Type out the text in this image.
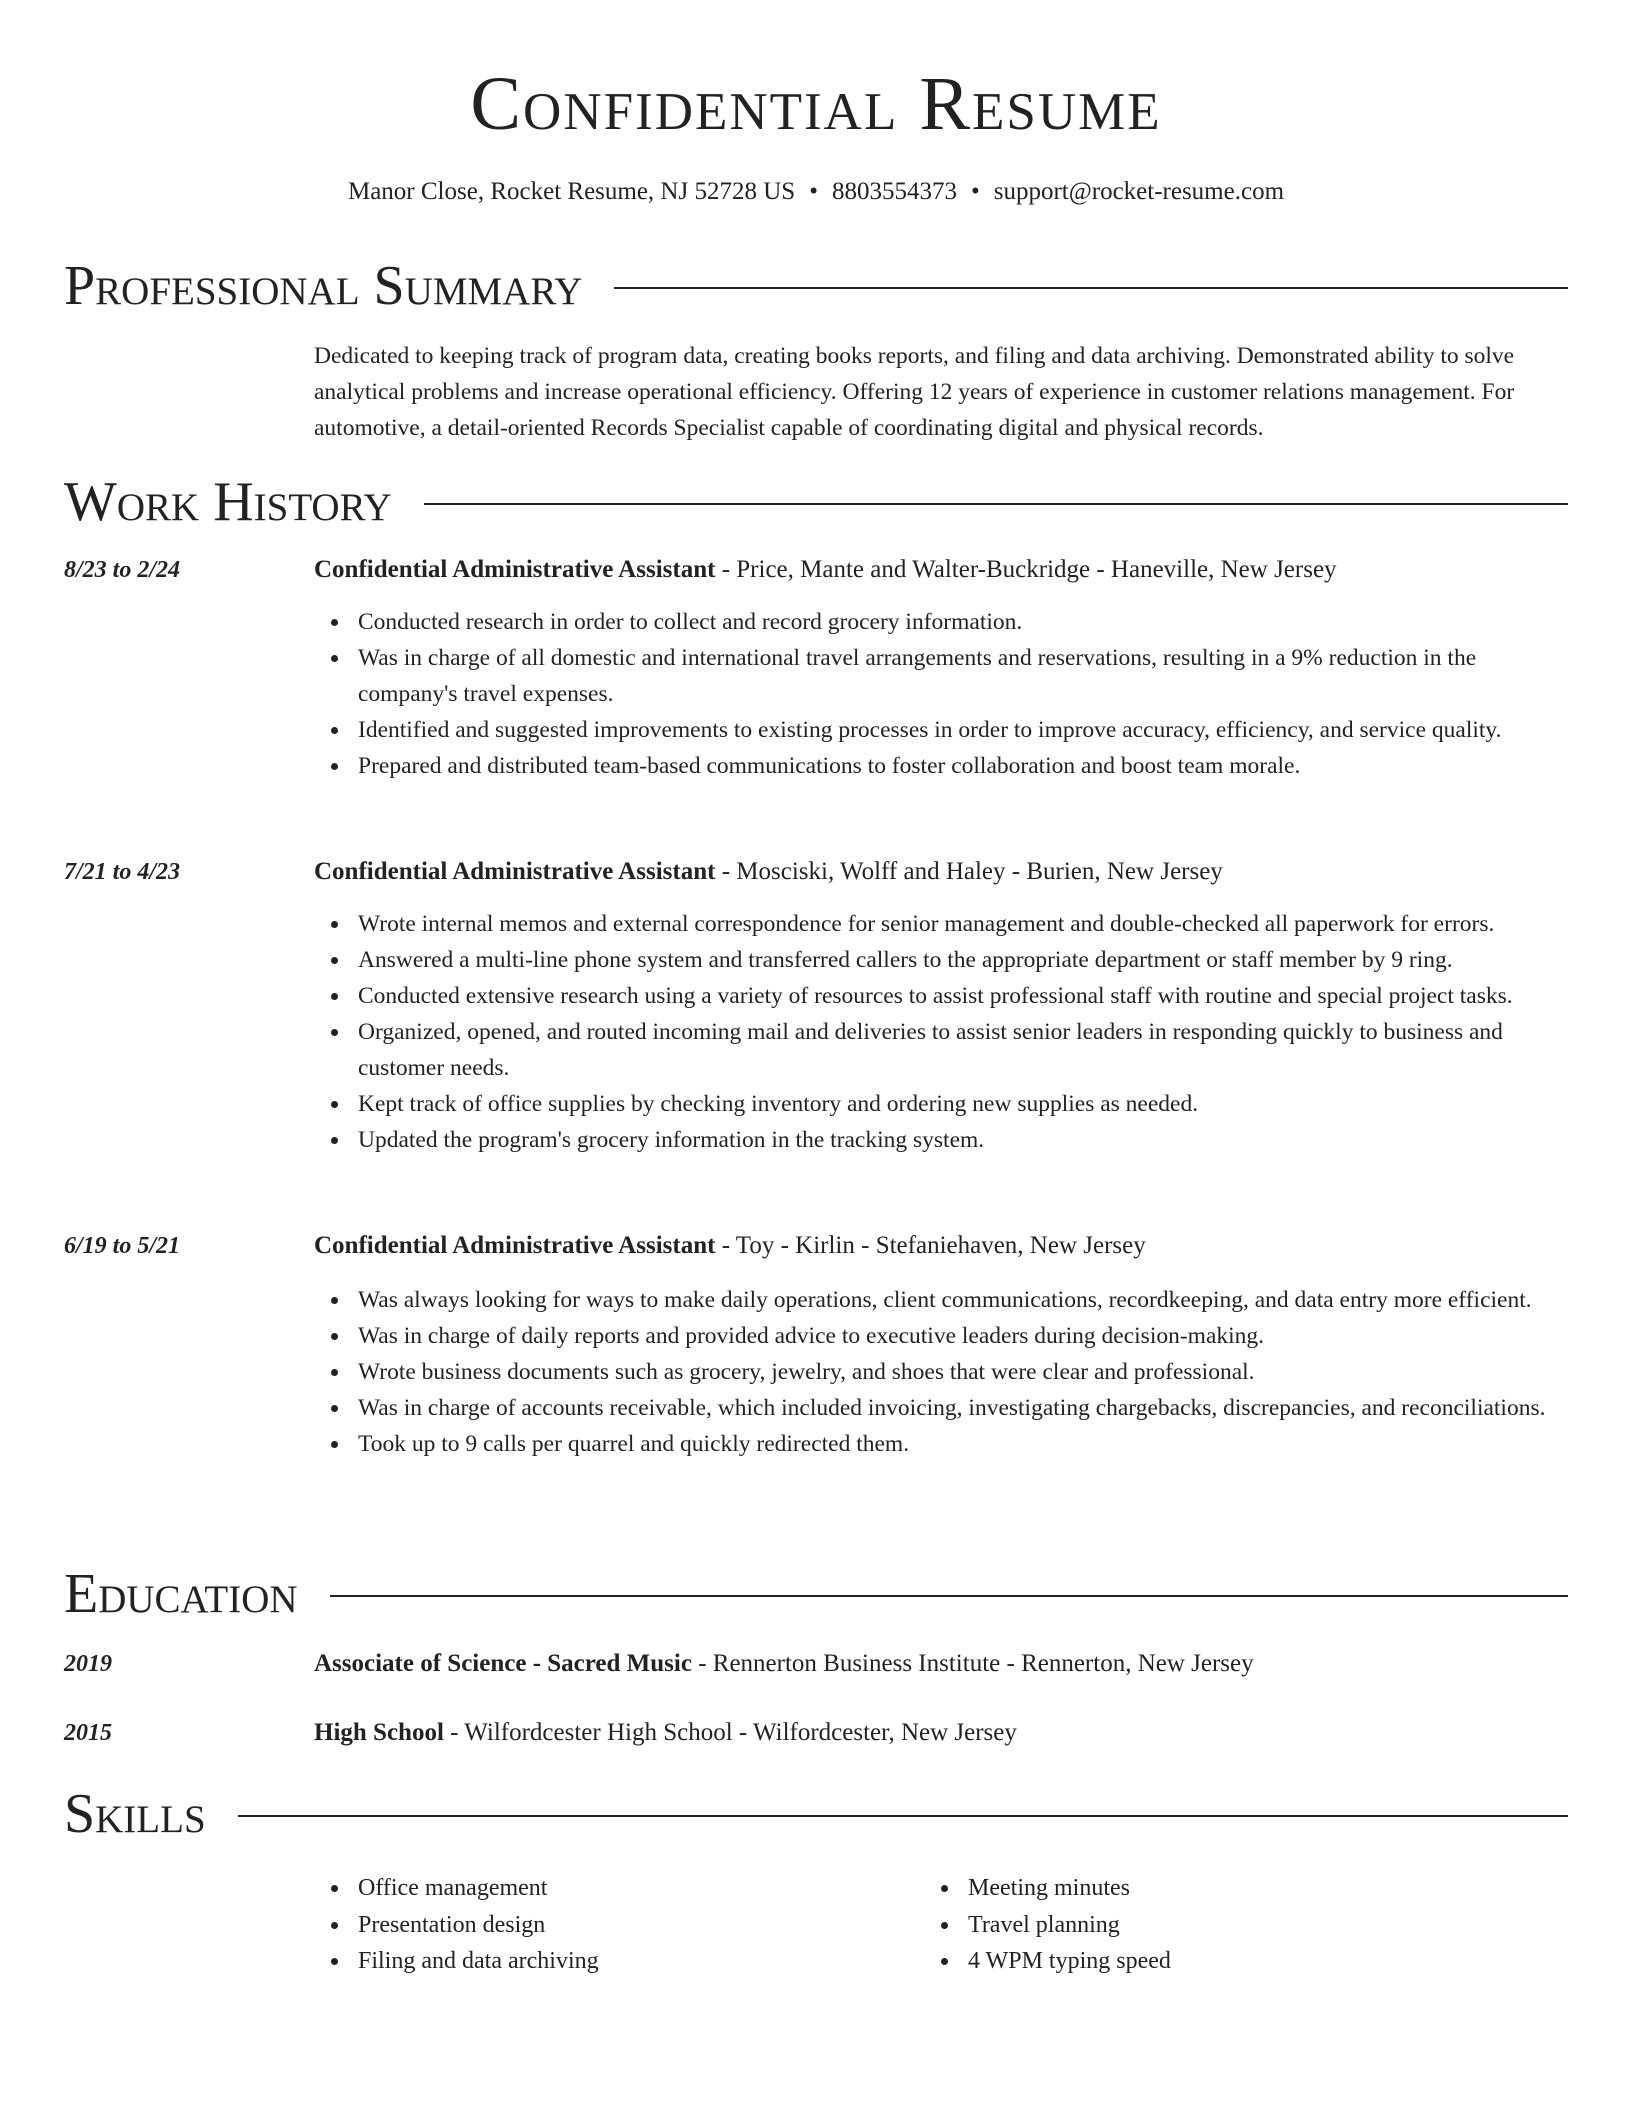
Confidential Resume
Manor Close, Rocket Resume, NJ 52728 US • 8803554373 • support@rocket-resume.com
Professional Summary
Dedicated to keeping track of program data, creating books reports, and filing and data archiving. Demonstrated ability to solve analytical problems and increase operational efficiency. Offering 12 years of experience in customer relations management. For automotive, a detail-oriented Records Specialist capable of coordinating digital and physical records.
Work History
8/23 to 2/24	Confidential Administrative Assistant - Price, Mante and Walter-Buckridge - Haneville, New Jersey
Conducted research in order to collect and record grocery information.
Was in charge of all domestic and international travel arrangements and reservations, resulting in a 9% reduction in the company's travel expenses.
Identified and suggested improvements to existing processes in order to improve accuracy, efficiency, and service quality.
Prepared and distributed team-based communications to foster collaboration and boost team morale.
7/21 to 4/23	Confidential Administrative Assistant - Mosciski, Wolff and Haley - Burien, New Jersey
Wrote internal memos and external correspondence for senior management and double-checked all paperwork for errors.
Answered a multi-line phone system and transferred callers to the appropriate department or staff member by 9 ring.
Conducted extensive research using a variety of resources to assist professional staff with routine and special project tasks.
Organized, opened, and routed incoming mail and deliveries to assist senior leaders in responding quickly to business and customer needs.
Kept track of office supplies by checking inventory and ordering new supplies as needed.
Updated the program's grocery information in the tracking system.
6/19 to 5/21	Confidential Administrative Assistant - Toy - Kirlin - Stefaniehaven, New Jersey
Was always looking for ways to make daily operations, client communications, recordkeeping, and data entry more efficient.
Was in charge of daily reports and provided advice to executive leaders during decision-making.
Wrote business documents such as grocery, jewelry, and shoes that were clear and professional.
Was in charge of accounts receivable, which included invoicing, investigating chargebacks, discrepancies, and reconciliations.
Took up to 9 calls per quarrel and quickly redirected them.
Education
2019	Associate of Science - Sacred Music - Rennerton Business Institute - Rennerton, New Jersey
2015	High School - Wilfordcester High School - Wilfordcester, New Jersey
Skills
Office management
Presentation design
Filing and data archiving
Meeting minutes
Travel planning
4 WPM typing speed
